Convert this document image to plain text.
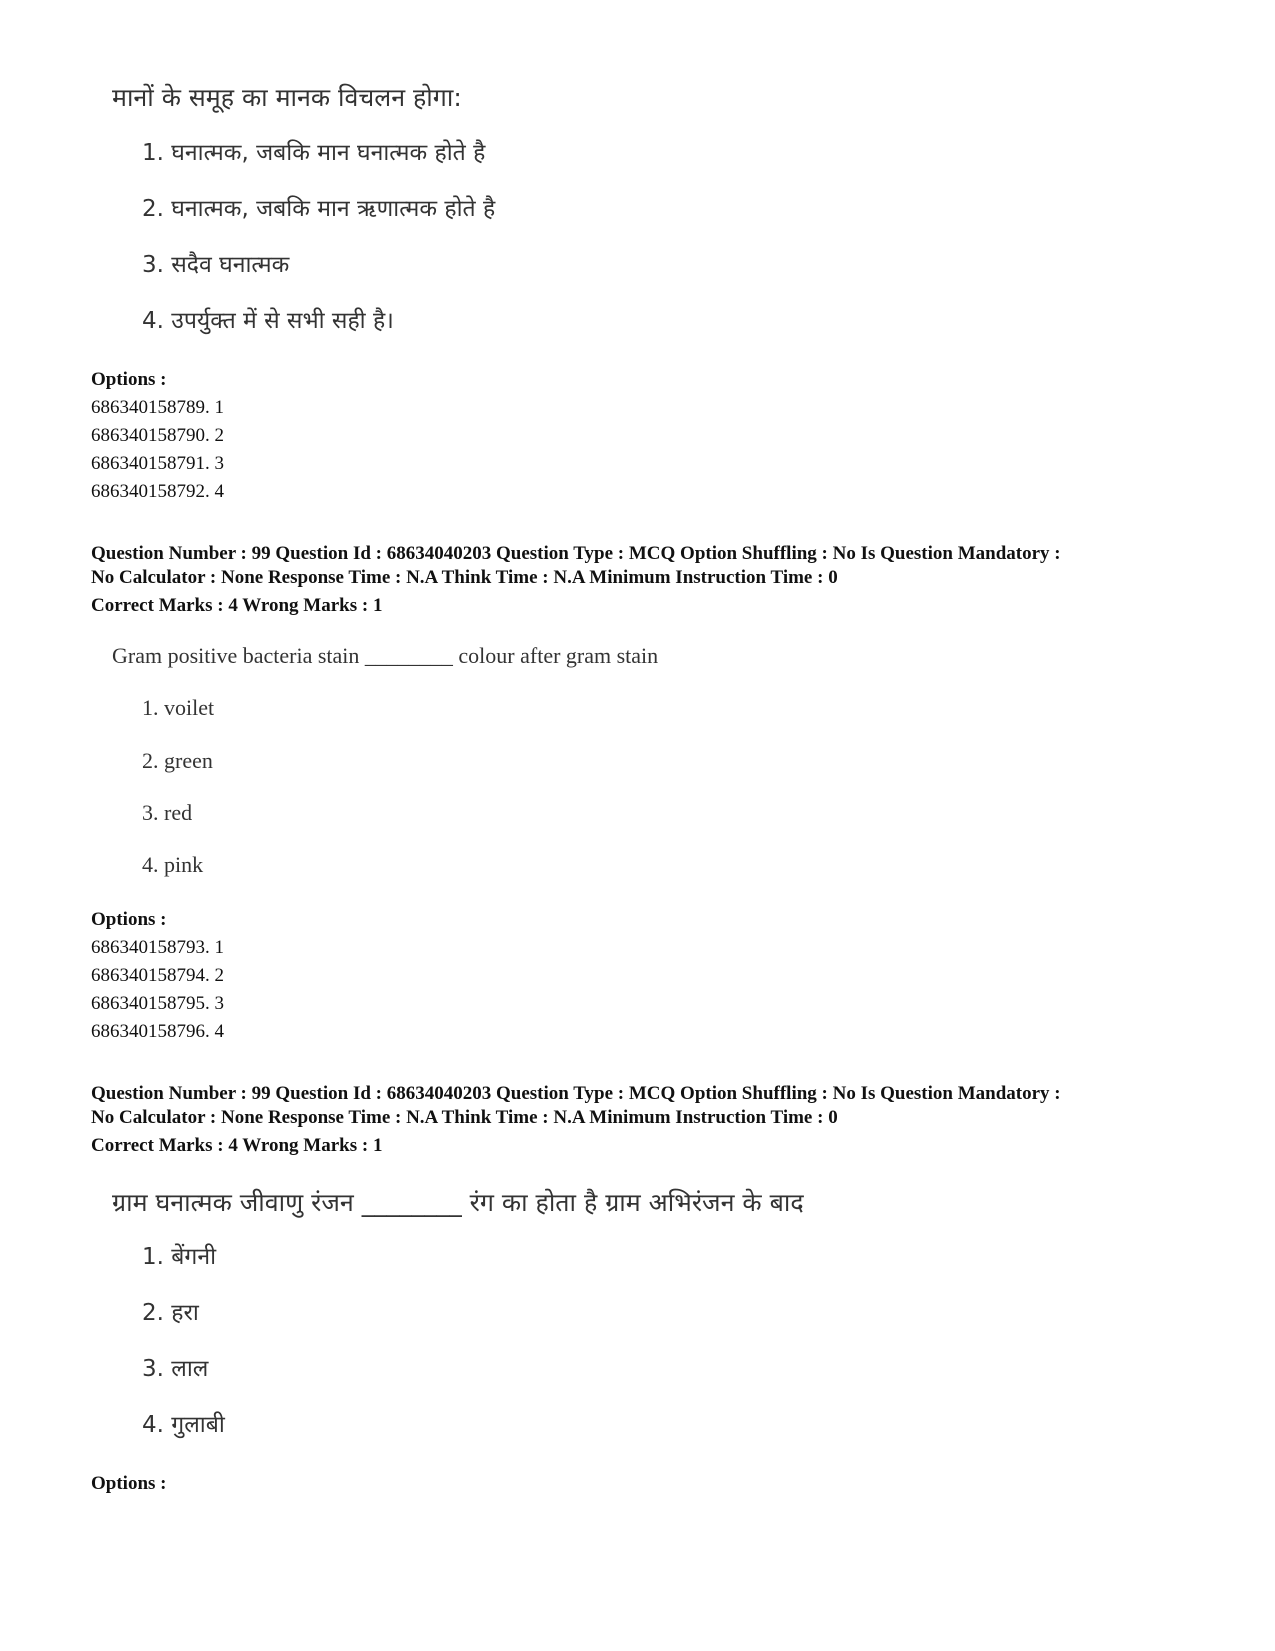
मानों के समूह का मानक विचलन होगा:
1. घनात्मक, जबकि मान घनात्मक होते है
2. घनात्मक, जबकि मान ऋणात्मक होते है
3. सदैव घनात्मक
4. उपर्युक्त में से सभी सही है।
Options :
686340158789. 1
686340158790. 2
686340158791. 3
686340158792. 4
Question Number : 99 Question Id : 68634040203 Question Type : MCQ Option Shuffling : No Is Question Mandatory :
No Calculator : None Response Time : N.A Think Time : N.A Minimum Instruction Time : 0
Correct Marks : 4 Wrong Marks : 1
Gram positive bacteria stain ________ colour after gram stain
1. voilet
2. green
3. red
4. pink
Options :
686340158793. 1
686340158794. 2
686340158795. 3
686340158796. 4
Question Number : 99 Question Id : 68634040203 Question Type : MCQ Option Shuffling : No Is Question Mandatory :
No Calculator : None Response Time : N.A Think Time : N.A Minimum Instruction Time : 0
Correct Marks : 4 Wrong Marks : 1
ग्राम घनात्मक जीवाणु रंजन ________ रंग का होता है ग्राम अभिरंजन के बाद
1. बेंगनी
2. हरा
3. लाल
4. गुलाबी
Options :
